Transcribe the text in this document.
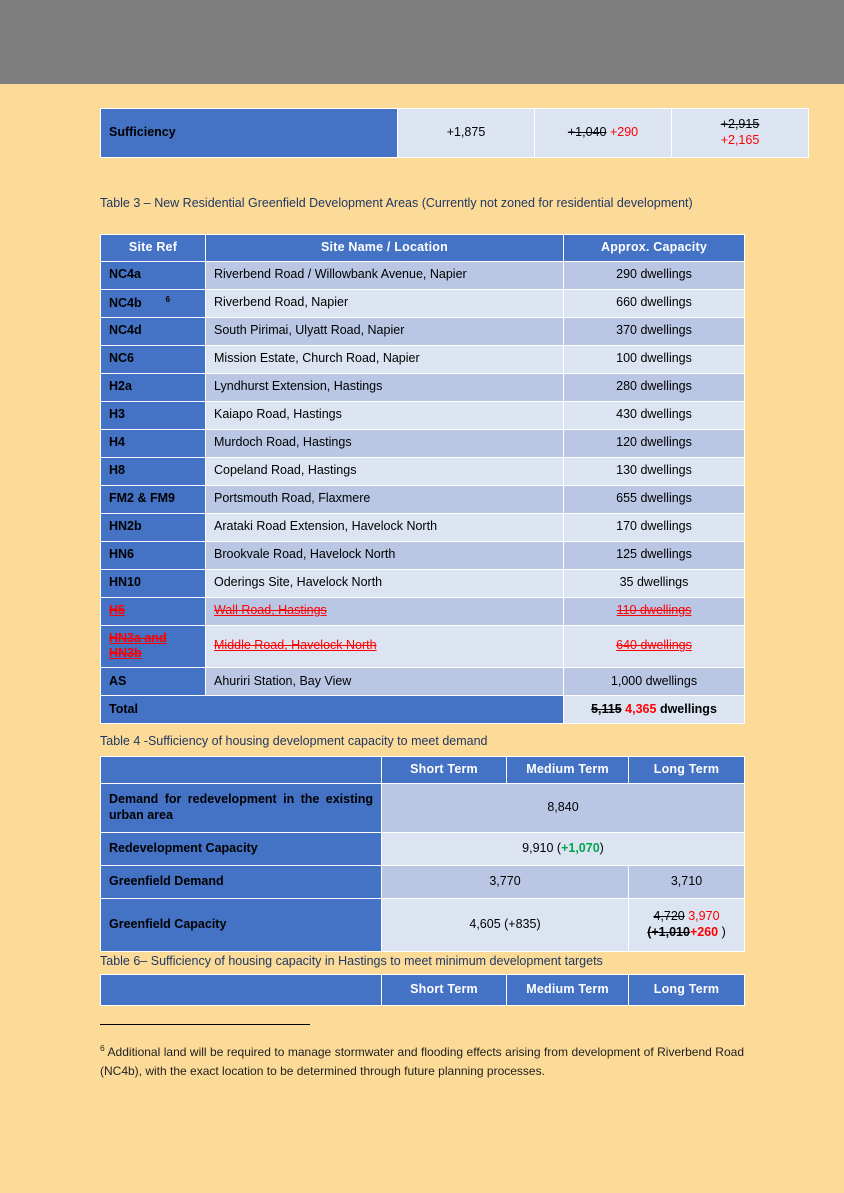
Sufficiency	+1,875	+1,040 +290	+2,915
+2,165
Table 3 – New Residential Greenfield Development Areas (Currently not zoned for residential development)
Site Ref	Site Name / Location	Approx. Capacity
NC4a	Riverbend Road / Willowbank Avenue, Napier	290 dwellings
NC4b $^6$	Riverbend Road, Napier	660 dwellings
NC4d	South Pirimai, Ulyatt Road, Napier	370 dwellings
NC6	Mission Estate, Church Road, Napier	100 dwellings
H2a	Lyndhurst Extension, Hastings	280 dwellings
H3	Kaiapo Road, Hastings	430 dwellings
H4	Murdoch Road, Hastings	120 dwellings
H8	Copeland Road, Hastings	130 dwellings
FM2 & FM9	Portsmouth Road, Flaxmere	655 dwellings
HN2b	Arataki Road Extension, Havelock North	170 dwellings
HN6	Brookvale Road, Havelock North	125 dwellings
HN10	Oderings Site, Havelock North	35 dwellings
H5	Wall Road, Hastings	110 dwellings
HN3a and HN3b	Middle Road, Havelock North	640 dwellings
AS	Ahuriri Station, Bay View	1,000 dwellings
Total		5,115 4,365 dwellings
Table 4 -Sufficiency of housing development capacity to meet demand
	Short Term	Medium Term	Long Term
Demand for redevelopment in the existing urban area	8,840		
Redevelopment Capacity	9,910 (+1,070)		
Greenfield Demand	3,770		3,710
Greenfield Capacity	4,605 (+835)		4,720 3,970
(+1,010+260 )
Table 6– Sufficiency of housing capacity in Hastings to meet minimum development targets
	Short Term	Medium Term	Long Term
$^6$ Additional land will be required to manage stormwater and flooding effects arising from development of Riverbend Road (NC4b), with the exact location to be determined through future planning processes.
